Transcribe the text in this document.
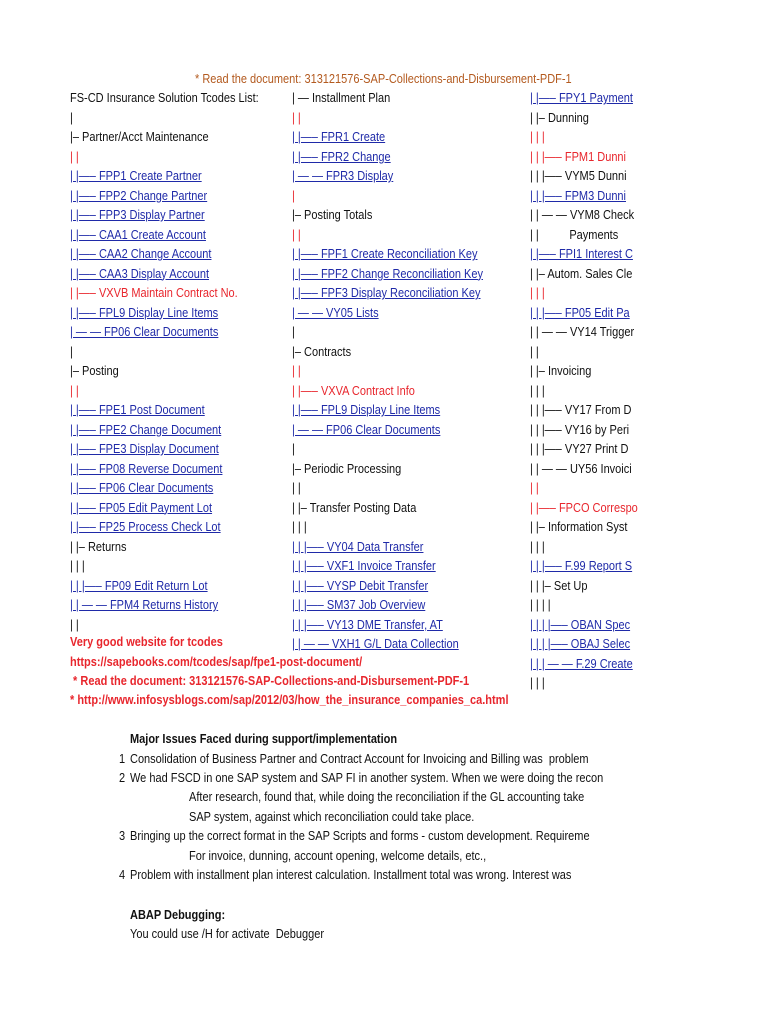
* Read the document: 313121576-SAP-Collections-and-Disbursement-PDF-1
FS-CD Insurance Solution Tcodes List:
|
|– Partner/Acct Maintenance
| |
| |—– FPP1 Create Partner
| |—– FPP2 Change Partner
| |—– FPP3 Display Partner
| |—– CAA1 Create Account
| |—– CAA2 Change Account
| |—– CAA3 Display Account
| |—– VXVB Maintain Contract No.
| |—– FPL9 Display Line Items
| — — FP06 Clear Documents
|
|– Posting
| |
| |—– FPE1 Post Document
| |—– FPE2 Change Document
| |—– FPE3 Display Document
| |—– FP08 Reverse Document
| |—– FP06 Clear Documents
| |—– FP05 Edit Payment Lot
| |—– FP25 Process Check Lot
| |– Returns
| | |
| | |—– FP09 Edit Return Lot
| | — — FPM4 Returns History
| |
| — Installment Plan
| |
| |—– FPR1 Create
| |—– FPR2 Change
| — — FPR3 Display
|
|– Posting Totals
| |
| |—– FPF1 Create Reconciliation Key
| |—– FPF2 Change Reconciliation Key
| |—– FPF3 Display Reconciliation Key
| — — VY05 Lists
|
|– Contracts
| |
| |—– VXVA Contract Info
| |—– FPL9 Display Line Items
| — — FP06 Clear Documents
|
|– Periodic Processing
| |
| |– Transfer Posting Data
| | |
| | |—– VY04 Data Transfer
| | |—– VXF1 Invoice Transfer
| | |—– VYSP Debit Transfer
| | |—– SM37 Job Overview
| | |—– VY13 DME Transfer, AT
| | — — VXH1 G/L Data Collection
| |—– FPY1 Payment
| |– Dunning
| | |
| | |—– FPM1 Dunni
| | |—– VYM5 Dunni
| | |—– FPM3 Dunni
| | — — VYM8 Check
| |          Payments
| |—– FPI1 Interest C
| |– Autom. Sales Cle
| | |
| | |—– FP05 Edit Pa
| | — — VY14 Trigger
| |
| |– Invoicing
| | |
| | |—– VY17 From D
| | |—– VY16 by Peri
| | |—– VY27 Print D
| | — — UY56 Invoici
| |
| |—– FPCO Correspo
| |– Information Syst
| | |
| | |—– F.99 Report S
| | |– Set Up
| | | |
| | | |—– OBAN Spec
| | | |—– OBAJ Selec
| | | — — F.29 Create
| | |
Very good website for tcodes
https://sapebooks.com/tcodes/sap/fpe1-post-document/
* Read the document: 313121576-SAP-Collections-and-Disbursement-PDF-1
* http://www.infosysblogs.com/sap/2012/03/how_the_insurance_companies_ca.html
Major Issues Faced during support/implementation
1 Consolidation of Business Partner and Contract Account for Invoicing and Billing was  problem
2 We had FSCD in one SAP system and SAP FI in another system. When we were doing the recon
After research, found that, while doing the reconciliation if the GL accounting take
SAP system, against which reconciliation could take place.
3 Bringing up the correct format in the SAP Scripts and forms - custom development. Requireme
For invoice, dunning, account opening, welcome details, etc.,
4 Problem with installment plan interest calculation. Installment total was wrong. Interest was
ABAP Debugging:
You could use /H for activate  Debugger
